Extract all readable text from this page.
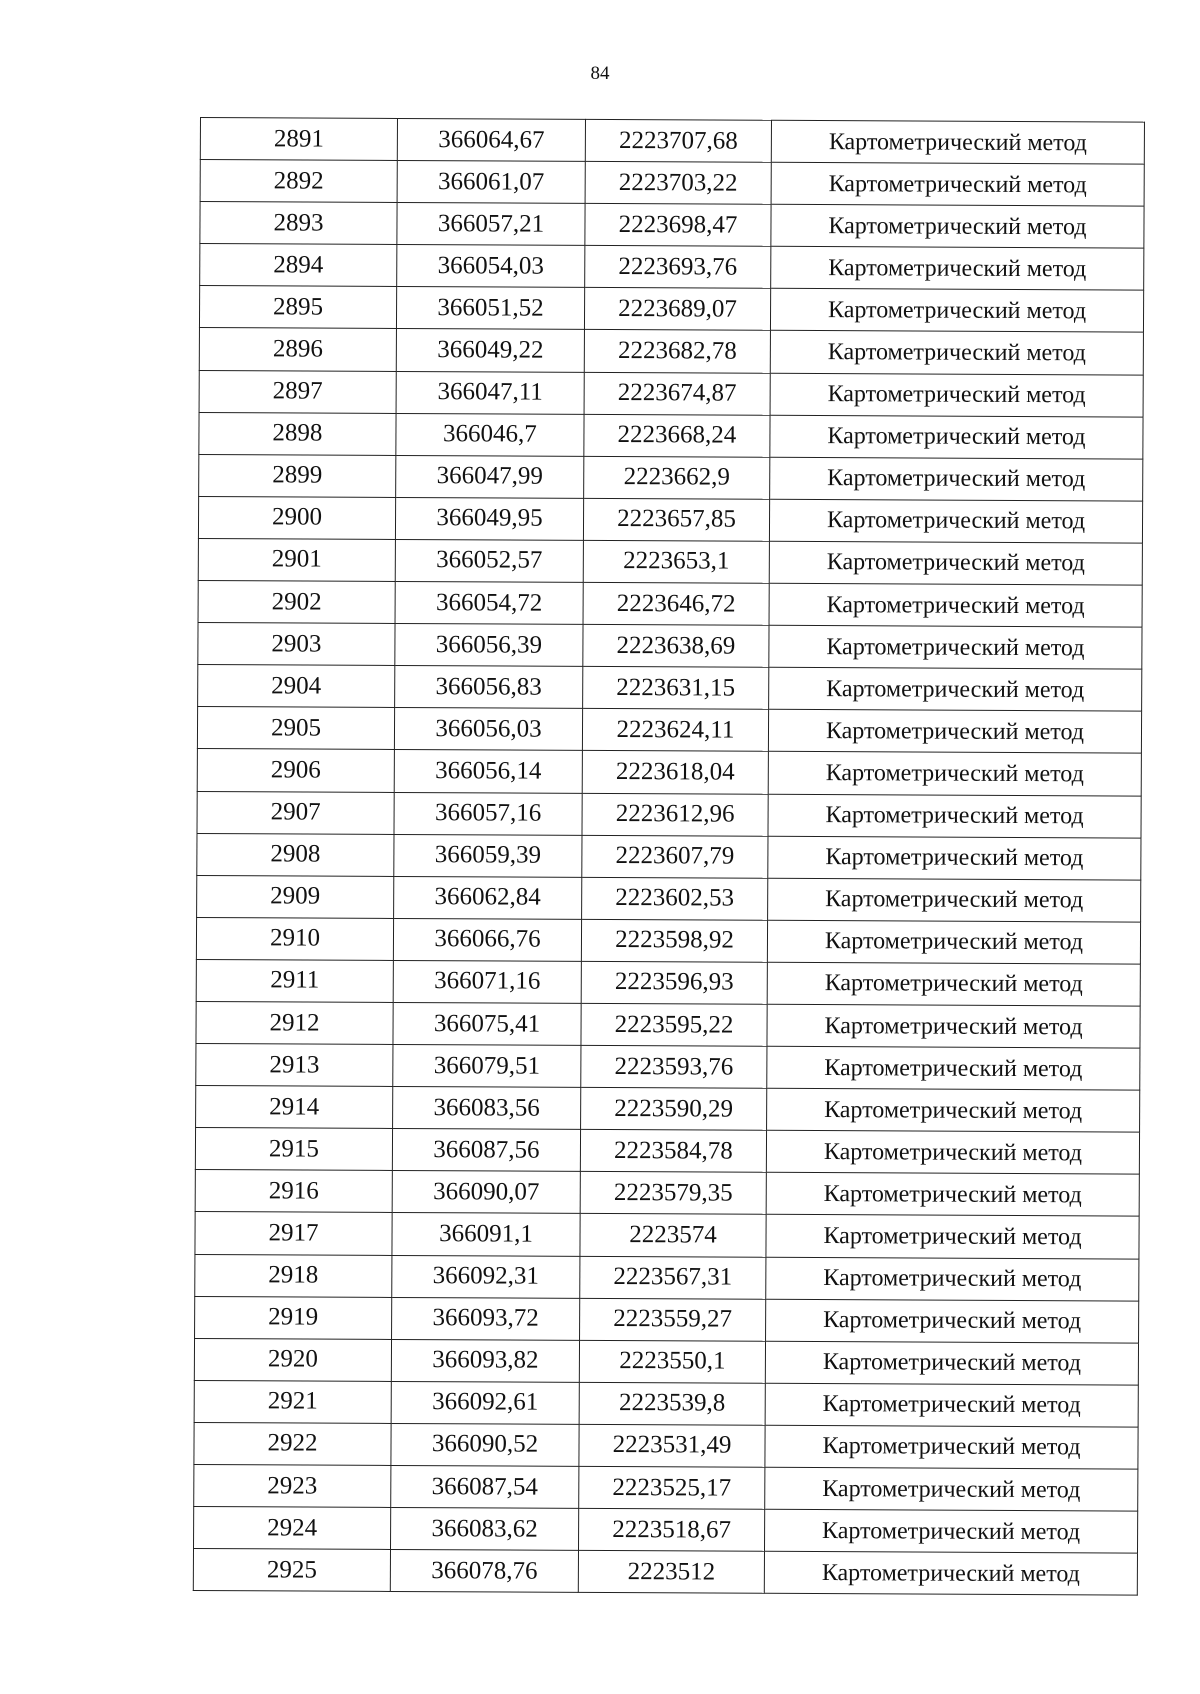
84
2891	366064,67	2223707,68	Картометрический метод
2892	366061,07	2223703,22	Картометрический метод
2893	366057,21	2223698,47	Картометрический метод
2894	366054,03	2223693,76	Картометрический метод
2895	366051,52	2223689,07	Картометрический метод
2896	366049,22	2223682,78	Картометрический метод
2897	366047,11	2223674,87	Картометрический метод
2898	366046,7	2223668,24	Картометрический метод
2899	366047,99	2223662,9	Картометрический метод
2900	366049,95	2223657,85	Картометрический метод
2901	366052,57	2223653,1	Картометрический метод
2902	366054,72	2223646,72	Картометрический метод
2903	366056,39	2223638,69	Картометрический метод
2904	366056,83	2223631,15	Картометрический метод
2905	366056,03	2223624,11	Картометрический метод
2906	366056,14	2223618,04	Картометрический метод
2907	366057,16	2223612,96	Картометрический метод
2908	366059,39	2223607,79	Картометрический метод
2909	366062,84	2223602,53	Картометрический метод
2910	366066,76	2223598,92	Картометрический метод
2911	366071,16	2223596,93	Картометрический метод
2912	366075,41	2223595,22	Картометрический метод
2913	366079,51	2223593,76	Картометрический метод
2914	366083,56	2223590,29	Картометрический метод
2915	366087,56	2223584,78	Картометрический метод
2916	366090,07	2223579,35	Картометрический метод
2917	366091,1	2223574	Картометрический метод
2918	366092,31	2223567,31	Картометрический метод
2919	366093,72	2223559,27	Картометрический метод
2920	366093,82	2223550,1	Картометрический метод
2921	366092,61	2223539,8	Картометрический метод
2922	366090,52	2223531,49	Картометрический метод
2923	366087,54	2223525,17	Картометрический метод
2924	366083,62	2223518,67	Картометрический метод
2925	366078,76	2223512	Картометрический метод
